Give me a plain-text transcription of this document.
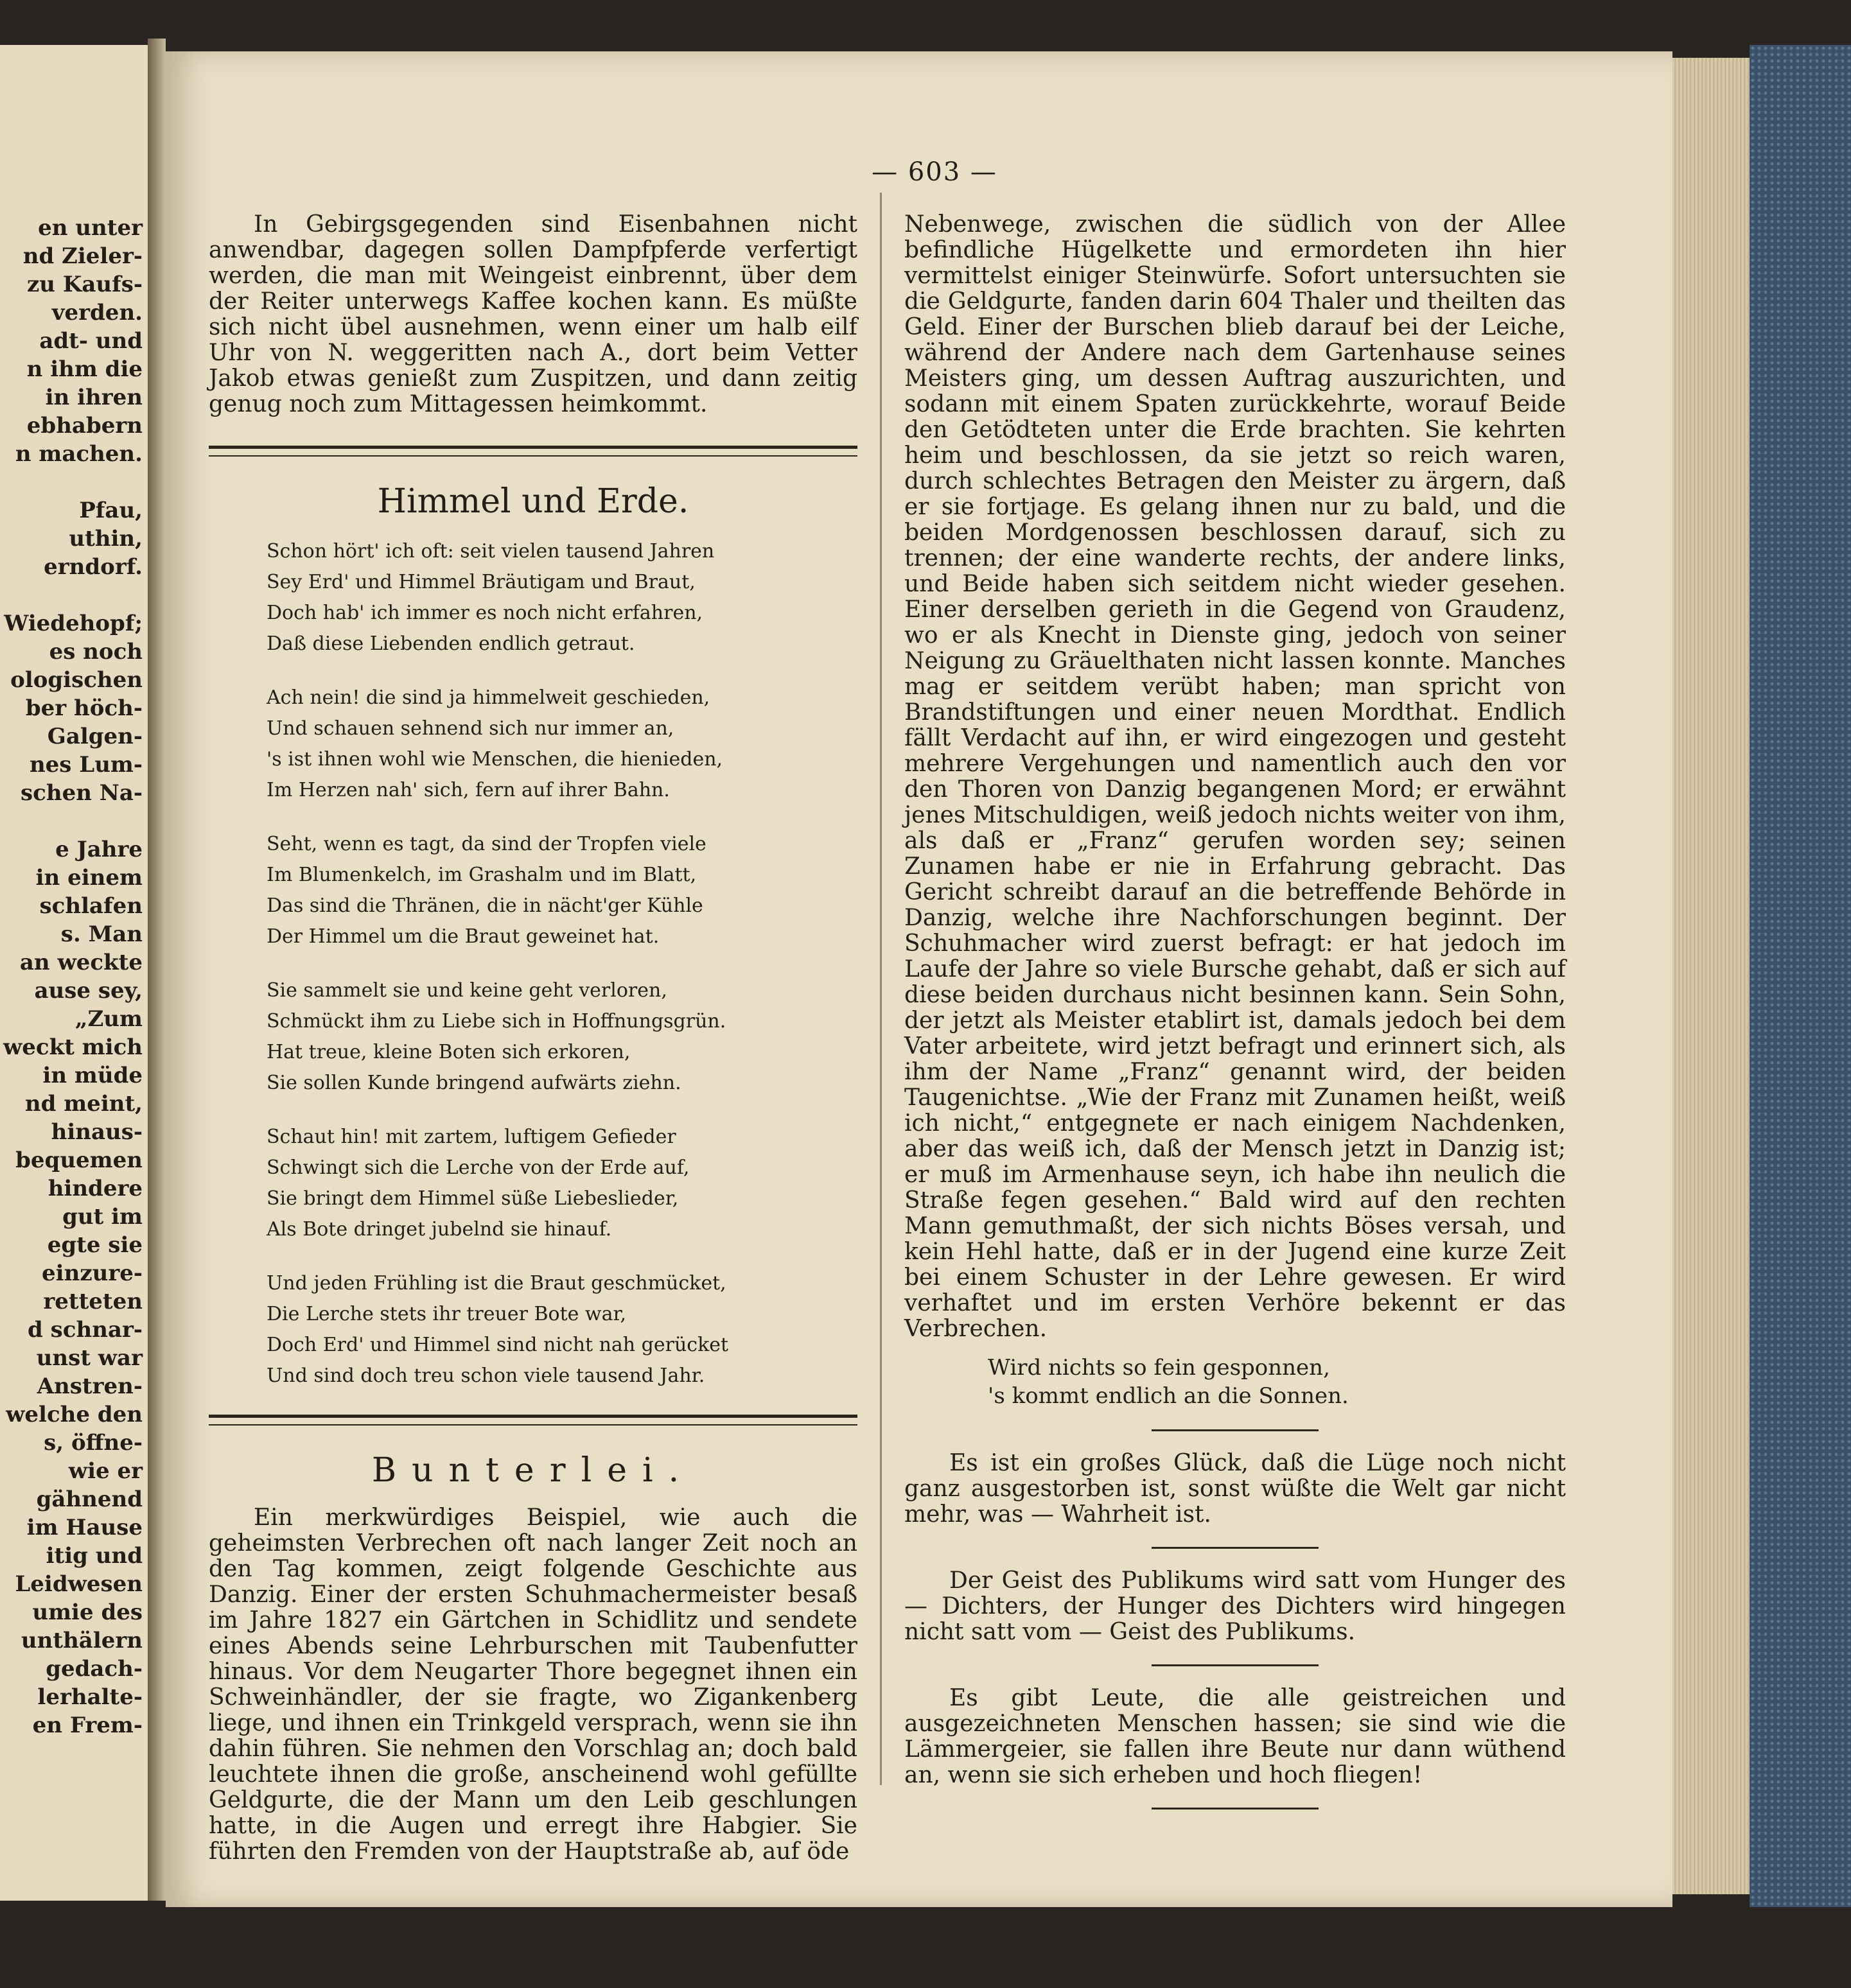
en unter
nd Zieler-
zu Kaufs-
verden.
adt- und
n ihm die
in ihren
ebhabern
n machen.
Pfau,
uthin,
erndorf.
Wiedehopf;
es noch
ologischen
ber höch-
Galgen-
nes Lum-
schen Na-
e Jahre
in einem
schlafen
s. Man
an weckte
ause sey,
„Zum
weckt mich
in müde
nd meint,
hinaus-
bequemen
hindere
gut im
egte sie
einzure-
retteten
d schnar-
unst war
Anstren-
welche den
s, öffne-
wie er
gähnend
im Hause
itig und
Leidwesen
umie des
unthälern
gedach-
lerhalte-
en Frem-
— 603 —

In Gebirgsgegenden sind Eisenbahnen nicht anwendbar, dagegen sollen Dampfpferde verfertigt werden, die man mit Weingeist einbrennt, über dem der Reiter unterwegs Kaffee kochen kann. Es müßte sich nicht übel ausnehmen, wenn einer um halb eilf Uhr von N. weggeritten nach A., dort beim Vetter Jakob etwas genießt zum Zuspitzen, und dann zeitig genug noch zum Mittagessen heimkommt.

Himmel und Erde.
Schon hört' ich oft: seit vielen tausend Jahren
Sey Erd' und Himmel Bräutigam und Braut,
Doch hab' ich immer es noch nicht erfahren,
Daß diese Liebenden endlich getraut.
Ach nein! die sind ja himmelweit geschieden,
Und schauen sehnend sich nur immer an,
's ist ihnen wohl wie Menschen, die hienieden,
Im Herzen nah' sich, fern auf ihrer Bahn.
Seht, wenn es tagt, da sind der Tropfen viele
Im Blumenkelch, im Grashalm und im Blatt,
Das sind die Thränen, die in nächt'ger Kühle
Der Himmel um die Braut geweinet hat.
Sie sammelt sie und keine geht verloren,
Schmückt ihm zu Liebe sich in Hoffnungsgrün.
Hat treue, kleine Boten sich erkoren,
Sie sollen Kunde bringend aufwärts ziehn.
Schaut hin! mit zartem, luftigem Gefieder
Schwingt sich die Lerche von der Erde auf,
Sie bringt dem Himmel süße Liebeslieder,
Als Bote dringet jubelnd sie hinauf.
Und jeden Frühling ist die Braut geschmücket,
Die Lerche stets ihr treuer Bote war,
Doch Erd' und Himmel sind nicht nah gerücket
Und sind doch treu schon viele tausend Jahr.
Bunterlei.

Ein merkwürdiges Beispiel, wie auch die geheimsten Verbrechen oft nach langer Zeit noch an den Tag kommen, zeigt folgende Geschichte aus Danzig. Einer der ersten Schuhmachermeister besaß im Jahre 1827 ein Gärtchen in Schidlitz und sendete eines Abends seine Lehrburschen mit Taubenfutter hinaus. Vor dem Neugarter Thore begegnet ihnen ein Schweinhändler, der sie fragte, wo Zigankenberg liege, und ihnen ein Trinkgeld versprach, wenn sie ihn dahin führen. Sie nehmen den Vorschlag an; doch bald leuchtete ihnen die große, anscheinend wohl gefüllte Geldgurte, die der Mann um den Leib geschlungen hatte, in die Augen und erregt ihre Habgier. Sie führten den Fremden von der Hauptstraße ab, auf öde

Nebenwege, zwischen die südlich von der Allee befindliche Hügelkette und ermordeten ihn hier vermittelst einiger Steinwürfe. Sofort untersuchten sie die Geldgurte, fanden darin 604 Thaler und theilten das Geld. Einer der Burschen blieb darauf bei der Leiche, während der Andere nach dem Gartenhause seines Meisters ging, um dessen Auftrag auszurichten, und sodann mit einem Spaten zurückkehrte, worauf Beide den Getödteten unter die Erde brachten. Sie kehrten heim und beschlossen, da sie jetzt so reich waren, durch schlechtes Betragen den Meister zu ärgern, daß er sie fortjage. Es gelang ihnen nur zu bald, und die beiden Mordgenossen beschlossen darauf, sich zu trennen; der eine wanderte rechts, der andere links, und Beide haben sich seitdem nicht wieder gesehen. Einer derselben gerieth in die Gegend von Graudenz, wo er als Knecht in Dienste ging, jedoch von seiner Neigung zu Gräuelthaten nicht lassen konnte. Manches mag er seitdem verübt haben; man spricht von Brandstiftungen und einer neuen Mordthat. Endlich fällt Verdacht auf ihn, er wird eingezogen und gesteht mehrere Vergehungen und namentlich auch den vor den Thoren von Danzig begangenen Mord; er erwähnt jenes Mitschuldigen, weiß jedoch nichts weiter von ihm, als daß er „Franz“ gerufen worden sey; seinen Zunamen habe er nie in Erfahrung gebracht. Das Gericht schreibt darauf an die betreffende Behörde in Danzig, welche ihre Nachforschungen beginnt. Der Schuhmacher wird zuerst befragt: er hat jedoch im Laufe der Jahre so viele Bursche gehabt, daß er sich auf diese beiden durchaus nicht besinnen kann. Sein Sohn, der jetzt als Meister etablirt ist, damals jedoch bei dem Vater arbeitete, wird jetzt befragt und erinnert sich, als ihm der Name „Franz“ genannt wird, der beiden Taugenichtse. „Wie der Franz mit Zunamen heißt, weiß ich nicht,“ entgegnete er nach einigem Nachdenken, aber das weiß ich, daß der Mensch jetzt in Danzig ist; er muß im Armenhause seyn, ich habe ihn neulich die Straße fegen gesehen.“ Bald wird auf den rechten Mann gemuthmaßt, der sich nichts Böses versah, und kein Hehl hatte, daß er in der Jugend eine kurze Zeit bei einem Schuster in der Lehre gewesen. Er wird verhaftet und im ersten Verhöre bekennt er das Verbrechen.

Wird nichts so fein gesponnen,
's kommt endlich an die Sonnen.

Es ist ein großes Glück, daß die Lüge noch nicht ganz ausgestorben ist, sonst wüßte die Welt gar nicht mehr, was — Wahrheit ist.

Der Geist des Publikums wird satt vom Hunger des — Dichters, der Hunger des Dichters wird hingegen nicht satt vom — Geist des Publikums.

Es gibt Leute, die alle geistreichen und ausgezeichneten Menschen hassen; sie sind wie die Lämmergeier, sie fallen ihre Beute nur dann wüthend an, wenn sie sich erheben und hoch fliegen!
